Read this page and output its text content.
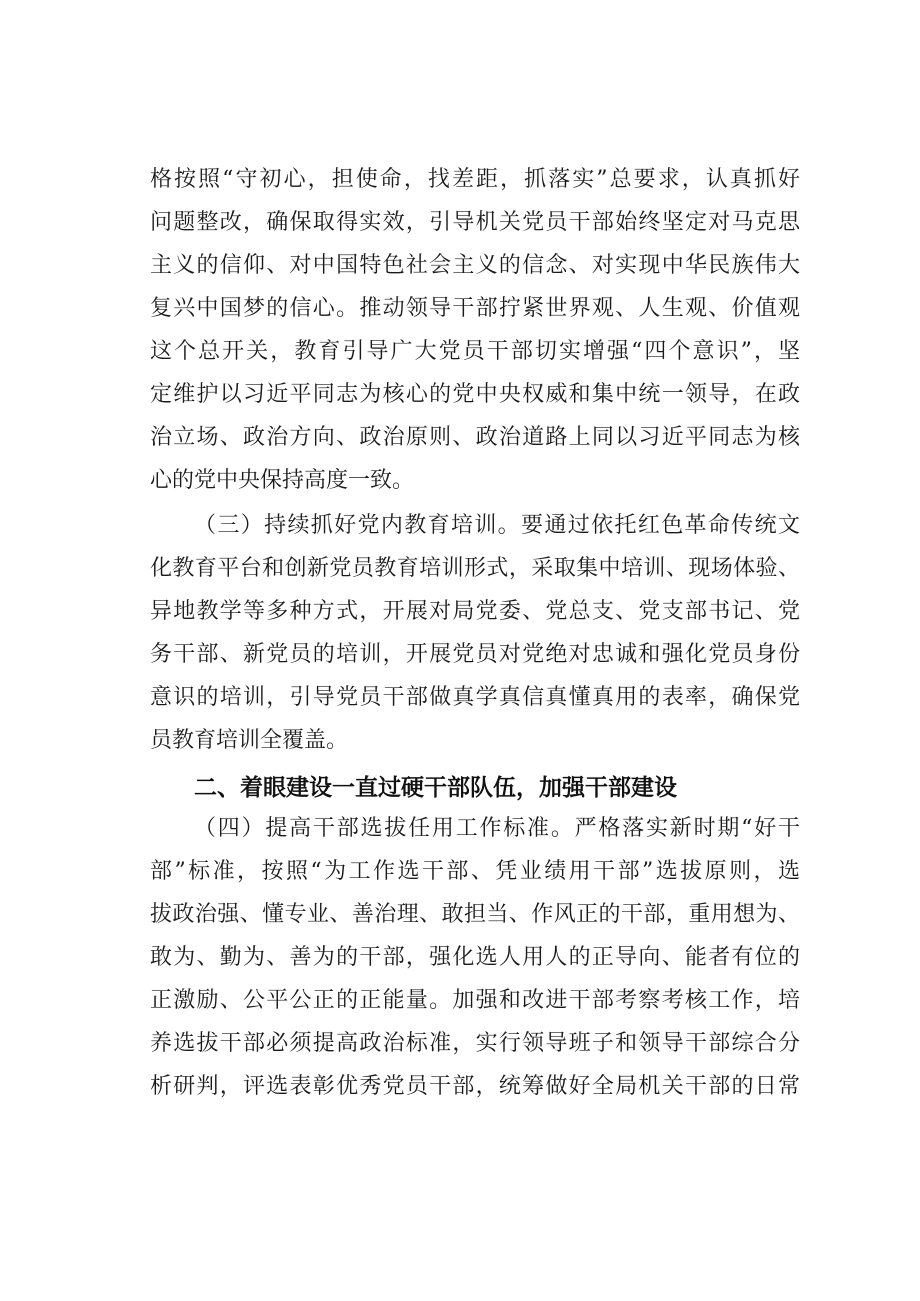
格按照“守初心，担使命，找差距，抓落实”总要求，认真抓好
问题整改，确保取得实效，引导机关党员干部始终坚定对马克思
主义的信仰、对中国特色社会主义的信念、对实现中华民族伟大
复兴中国梦的信心。推动领导干部拧紧世界观、人生观、价值观
这个总开关，教育引导广大党员干部切实增强“四个意识”，坚
定维护以习近平同志为核心的党中央权威和集中统一领导，在政
治立场、政治方向、政治原则、政治道路上同以习近平同志为核
心的党中央保持高度一致。
（三）持续抓好党内教育培训。要通过依托红色革命传统文
化教育平台和创新党员教育培训形式，采取集中培训、现场体验、
异地教学等多种方式，开展对局党委、党总支、党支部书记、党
务干部、新党员的培训，开展党员对党绝对忠诚和强化党员身份
意识的培训，引导党员干部做真学真信真懂真用的表率，确保党
员教育培训全覆盖。
二、着眼建设一直过硬干部队伍，加强干部建设
（四）提高干部选拔任用工作标准。严格落实新时期“好干
部”标准，按照“为工作选干部、凭业绩用干部”选拔原则，选
拔政治强、懂专业、善治理、敢担当、作风正的干部，重用想为、
敢为、勤为、善为的干部，强化选人用人的正导向、能者有位的
正激励、公平公正的正能量。加强和改进干部考察考核工作，培
养选拔干部必须提高政治标准，实行领导班子和领导干部综合分
析研判，评选表彰优秀党员干部，统筹做好全局机关干部的日常
